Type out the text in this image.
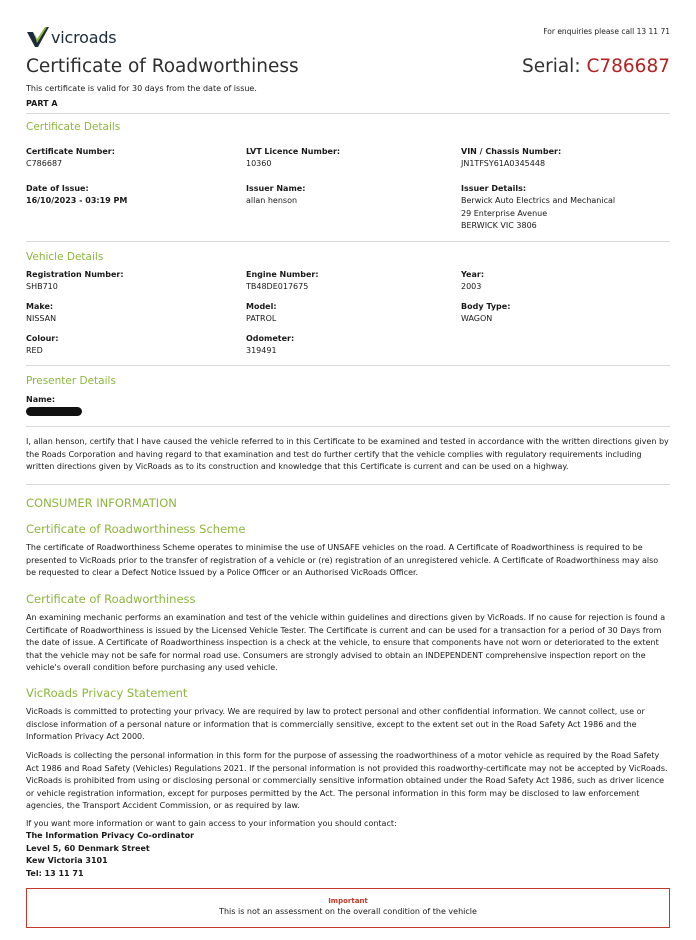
vicroads	For enquiries please call 13 11 71
Certificate of Roadworthiness	Serial: C786687
This certificate is valid for 30 days from the date of issue.
PART A
Certificate Details
Certificate Number:
C786687
LVT Licence Number:
10360
VIN / Chassis Number:
JN1TFSY61A0345448
Date of Issue:
16/10/2023 - 03:19 PM
Issuer Name:
allan henson
Issuer Details:
Berwick Auto Electrics and Mechanical
29 Enterprise Avenue
BERWICK VIC 3806
Vehicle Details
Registration Number:
SHB710
Engine Number:
TB48DE017675
Year:
2003
Make:
NISSAN
Model:
PATROL
Body Type:
WAGON
Colour:
RED
Odometer:
319491
Presenter Details
Name:
I, allan henson, certify that I have caused the vehicle referred to in this Certificate to be examined and tested in accordance with the written directions given by the Roads Corporation and having regard to that examination and test do further certify that the vehicle complies with regulatory requirements including written directions given by VicRoads as to its construction and knowledge that this Certificate is current and can be used on a highway.
CONSUMER INFORMATION
Certificate of Roadworthiness Scheme
The certificate of Roadworthiness Scheme operates to minimise the use of UNSAFE vehicles on the road. A Certificate of Roadworthiness is required to be presented to VicRoads prior to the transfer of registration of a vehicle or (re) registration of an unregistered vehicle. A Certificate of Roadworthiness may also be requested to clear a Defect Notice Issued by a Police Officer or an Authorised VicRoads Officer.
Certificate of Roadworthiness
An examining mechanic performs an examination and test of the vehicle within guidelines and directions given by VicRoads. If no cause for rejection is found a Certificate of Roadworthiness is issued by the Licensed Vehicle Tester. The Certificate is current and can be used for a transaction for a period of 30 Days from the date of issue. A Certificate of Roadworthiness inspection is a check at the vehicle, to ensure that components have not worn or deteriorated to the extent that the vehicle may not be safe for normal road use. Consumers are strongly advised to obtain an INDEPENDENT comprehensive inspection report on the vehicle's overall condition before purchasing any used vehicle.
VicRoads Privacy Statement
VicRoads is committed to protecting your privacy. We are required by law to protect personal and other confidential information. We cannot collect, use or disclose information of a personal nature or information that is commercially sensitive, except to the extent set out in the Road Safety Act 1986 and the Information Privacy Act 2000.
VicRoads is collecting the personal information in this form for the purpose of assessing the roadworthiness of a motor vehicle as required by the Road Safety Act 1986 and Road Safety (Vehicles) Regulations 2021. If the personal information is not provided this roadworthy-certificate may not be accepted by VicRoads. VicRoads is prohibited from using or disclosing personal or commercially sensitive information obtained under the Road Safety Act 1986, such as driver licence or vehicle registration information, except for purposes permitted by the Act. The personal information in this form may be disclosed to law enforcement agencies, the Transport Accident Commission, or as required by law.
If you want more information or want to gain access to your information you should contact:
The Information Privacy Co-ordinator
Level 5, 60 Denmark Street
Kew Victoria 3101
Tel: 13 11 71
Important
This is not an assessment on the overall condition of the vehicle
